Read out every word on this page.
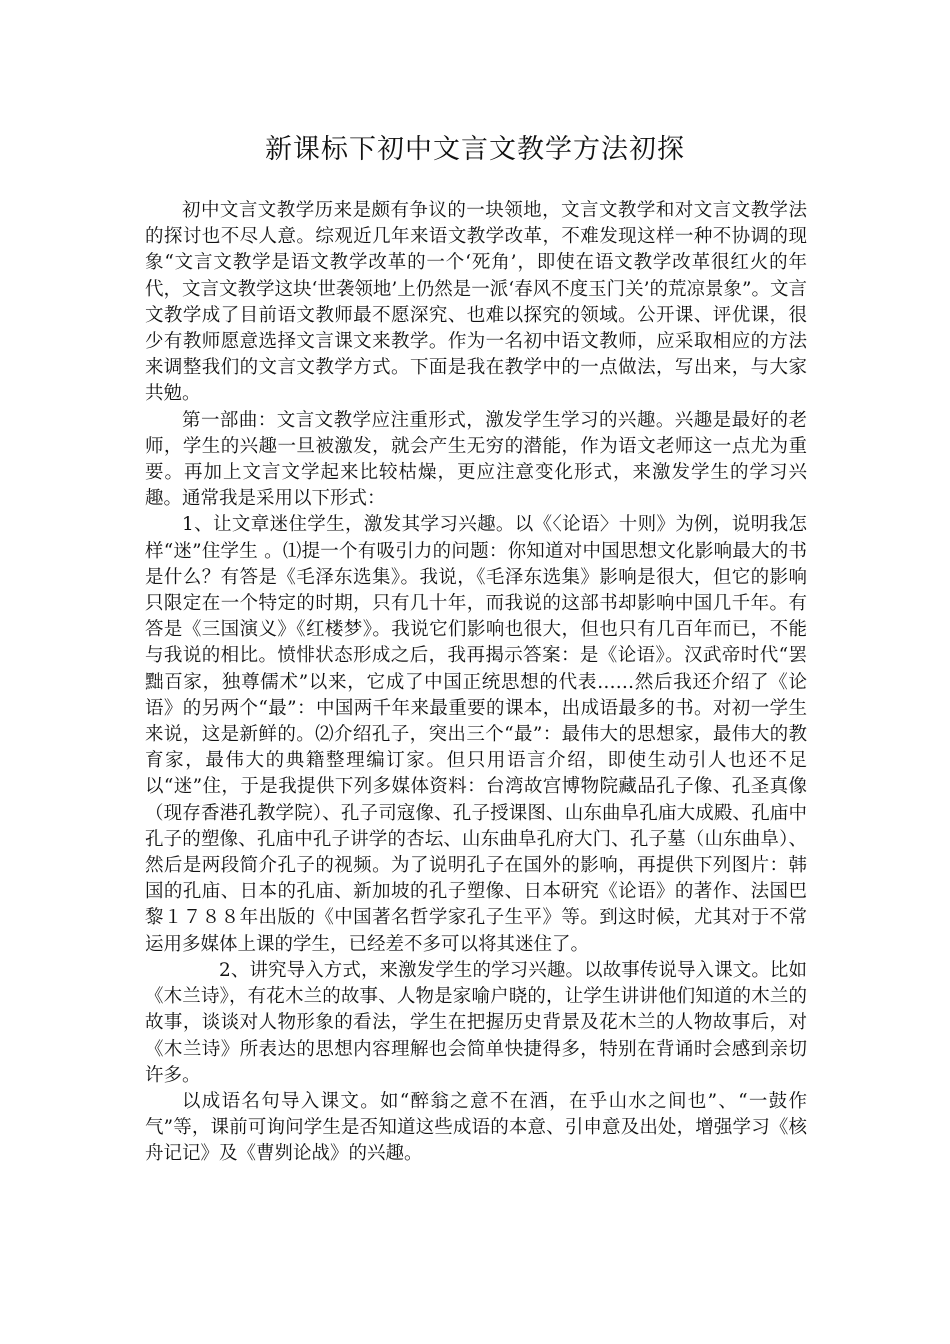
新课标下初中文言文教学方法初探

初中文言文教学历来是颇有争议的一块领地，文言文教学和对文言文教学法的探讨也不尽人意。综观近几年来语文教学改革，不难发现这样一种不协调的现象“文言文教学是语文教学改革的一个‘死角’，即使在语文教学改革很红火的年代，文言文教学这块‘世袭领地’上仍然是一派‘春风不度玉门关’的荒凉景象”。文言文教学成了目前语文教师最不愿深究、也难以探究的领域。公开课、评优课，很少有教师愿意选择文言课文来教学。作为一名初中语文教师，应采取相应的方法来调整我们的文言文教学方式。下面是我在教学中的一点做法，写出来，与大家共勉。

第一部曲：文言文教学应注重形式，激发学生学习的兴趣。兴趣是最好的老师，学生的兴趣一旦被激发，就会产生无穷的潜能，作为语文老师这一点尤为重要。再加上文言文学起来比较枯燥，更应注意变化形式，来激发学生的学习兴趣。通常我是采用以下形式：

1、让文章迷住学生，激发其学习兴趣。以《〈论语〉十则》为例，说明我怎样“迷”住学生 。⑴提一个有吸引力的问题：你知道对中国思想文化影响最大的书是什么？有答是《毛泽东选集》。我说，《毛泽东选集》影响是很大，但它的影响只限定在一个特定的时期，只有几十年，而我说的这部书却影响中国几千年。有答是《三国演义》《红楼梦》。我说它们影响也很大，但也只有几百年而已，不能与我说的相比。愤悱状态形成之后，我再揭示答案：是《论语》。汉武帝时代“罢黜百家，独尊儒术”以来，它成了中国正统思想的代表……然后我还介绍了《论语》的另两个“最”：中国两千年来最重要的课本，出成语最多的书。对初一学生来说，这是新鲜的。⑵介绍孔子，突出三个“最”：最伟大的思想家，最伟大的教育家，最伟大的典籍整理编订家。但只用语言介绍，即使生动引人也还不足以“迷”住，于是我提供下列多媒体资料：台湾故宫博物院藏品孔子像、孔圣真像（现存香港孔教学院）、孔子司寇像、孔子授课图、山东曲阜孔庙大成殿、孔庙中孔子的塑像、孔庙中孔子讲学的杏坛、山东曲阜孔府大门、孔子墓（山东曲阜）、然后是两段简介孔子的视频。为了说明孔子在国外的影响，再提供下列图片：韩国的孔庙、日本的孔庙、新加坡的孔子塑像、日本研究《论语》的著作、法国巴黎１７８８年出版的《中国著名哲学家孔子生平》等。到这时候，尤其对于不常运用多媒体上课的学生，已经差不多可以将其迷住了。

2、讲究导入方式，来激发学生的学习兴趣。以故事传说导入课文。比如《木兰诗》，有花木兰的故事、人物是家喻户晓的，让学生讲讲他们知道的木兰的故事，谈谈对人物形象的看法，学生在把握历史背景及花木兰的人物故事后，对《木兰诗》所表达的思想内容理解也会简单快捷得多，特别在背诵时会感到亲切许多。

以成语名句导入课文。如“醉翁之意不在酒，在乎山水之间也”、“一鼓作气”等，课前可询问学生是否知道这些成语的本意、引申意及出处，增强学习《核舟记记》及《曹刿论战》的兴趣。
